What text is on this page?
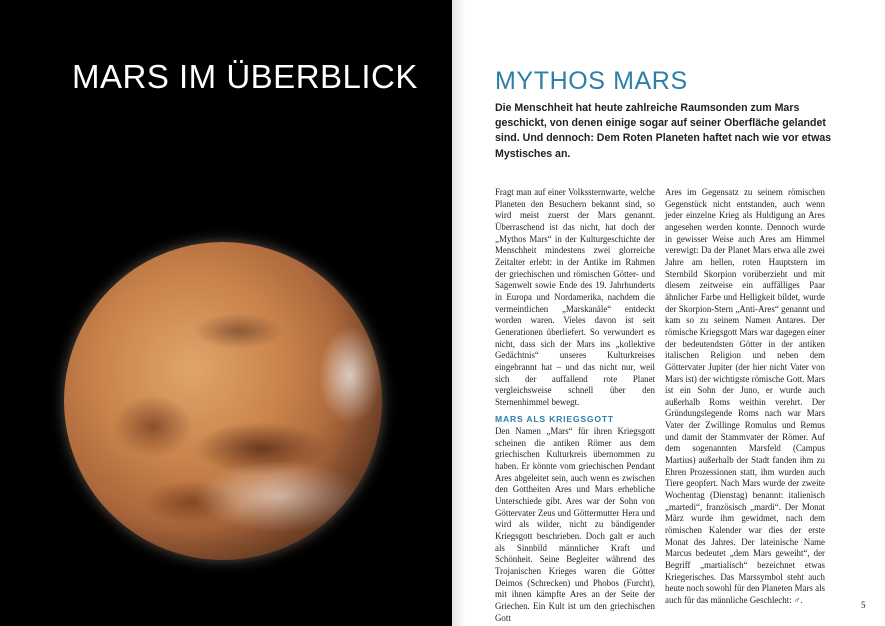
MARS IM ÜBERBLICK	MYTHOS MARS
Die Menschheit hat heute zahlreiche Raumsonden zum Mars geschickt, von denen einige sogar auf seiner Oberfläche gelandet sind. Und dennoch: Dem Roten Planeten haftet nach wie vor etwas Mystisches an.

Fragt man auf einer Volkssternwarte, welche Planeten den Besuchern bekannt sind, so wird meist zuerst der Mars genannt. Überraschend ist das nicht, hat doch der „Mythos Mars“ in der Kulturgeschichte der Menschheit mindestens zwei glorreiche Zeitalter erlebt: in der Antike im Rahmen der griechischen und römischen Götter- und Sagenwelt sowie Ende des 19. Jahrhunderts in Europa und Nordamerika, nachdem die vermeintlichen „Marskanäle“ entdeckt worden waren. Vieles davon ist seit Generationen überliefert. So verwundert es nicht, dass sich der Mars ins „kollektive Gedächtnis“ unseres Kulturkreises eingebrannt hat – und das nicht nur, weil sich der auffallend rote Planet vergleichsweise schnell über den Sternenhimmel bewegt.

MARS ALS KRIEGSGOTT

Den Namen „Mars“ für ihren Kriegsgott scheinen die antiken Römer aus dem griechischen Kulturkreis übernommen zu haben. Er könnte vom griechischen Pendant Ares abgeleitet sein, auch wenn es zwischen den Gottheiten Ares und Mars erhebliche Unterschiede gibt. Ares war der Sohn von Göttervater Zeus und Göttermutter Hera und wird als wilder, nicht zu bändigender Kriegsgott beschrieben. Doch galt er auch als Sinnbild männlicher Kraft und Schönheit. Seine Begleiter während des Trojanischen Krieges waren die Götter Deimos (Schrecken) und Phobos (Furcht), mit ihnen kämpfte Ares an der Seite der Griechen. Ein Kult ist um den griechischen Gott

Ares im Gegensatz zu seinem römischen Gegenstück nicht entstanden, auch wenn jeder einzelne Krieg als Huldigung an Ares angesehen werden konnte. Dennoch wurde in gewisser Weise auch Ares am Himmel verewigt: Da der Planet Mars etwa alle zwei Jahre am hellen, roten Hauptstern im Sternbild Skorpion vorüberzieht und mit diesem zeitweise ein auffälliges Paar ähnlicher Farbe und Helligkeit bildet, wurde der Skorpion-Stern „Anti-Ares“ genannt und kam so zu seinem Namen Antares. Der römische Kriegsgott Mars war dagegen einer der bedeutendsten Götter in der antiken italischen Religion und neben dem Göttervater Jupiter (der hier nicht Vater von Mars ist) der wichtigste römische Gott. Mars ist ein Sohn der Juno, er wurde auch außerhalb Roms weithin verehrt. Der Gründungslegende Roms nach war Mars Vater der Zwillinge Romulus und Remus und damit der Stammvater der Römer. Auf dem sogenannten Marsfeld (Campus Martius) außerhalb der Stadt fanden ihm zu Ehren Prozessionen statt, ihm wurden auch Tiere geopfert. Nach Mars wurde der zweite Wochentag (Dienstag) benannt: italienisch „martedi“, französisch „mardi“. Der Monat März wurde ihm gewidmet, nach dem römischen Kalender war dies der erste Monat des Jahres. Der lateinische Name Marcus bedeutet „dem Mars geweiht“, der Begriff „martialisch“ bezeichnet etwas Kriegerisches. Das Marssymbol steht auch heute noch sowohl für den Planeten Mars als auch für das männliche Geschlecht: ♂.

5
